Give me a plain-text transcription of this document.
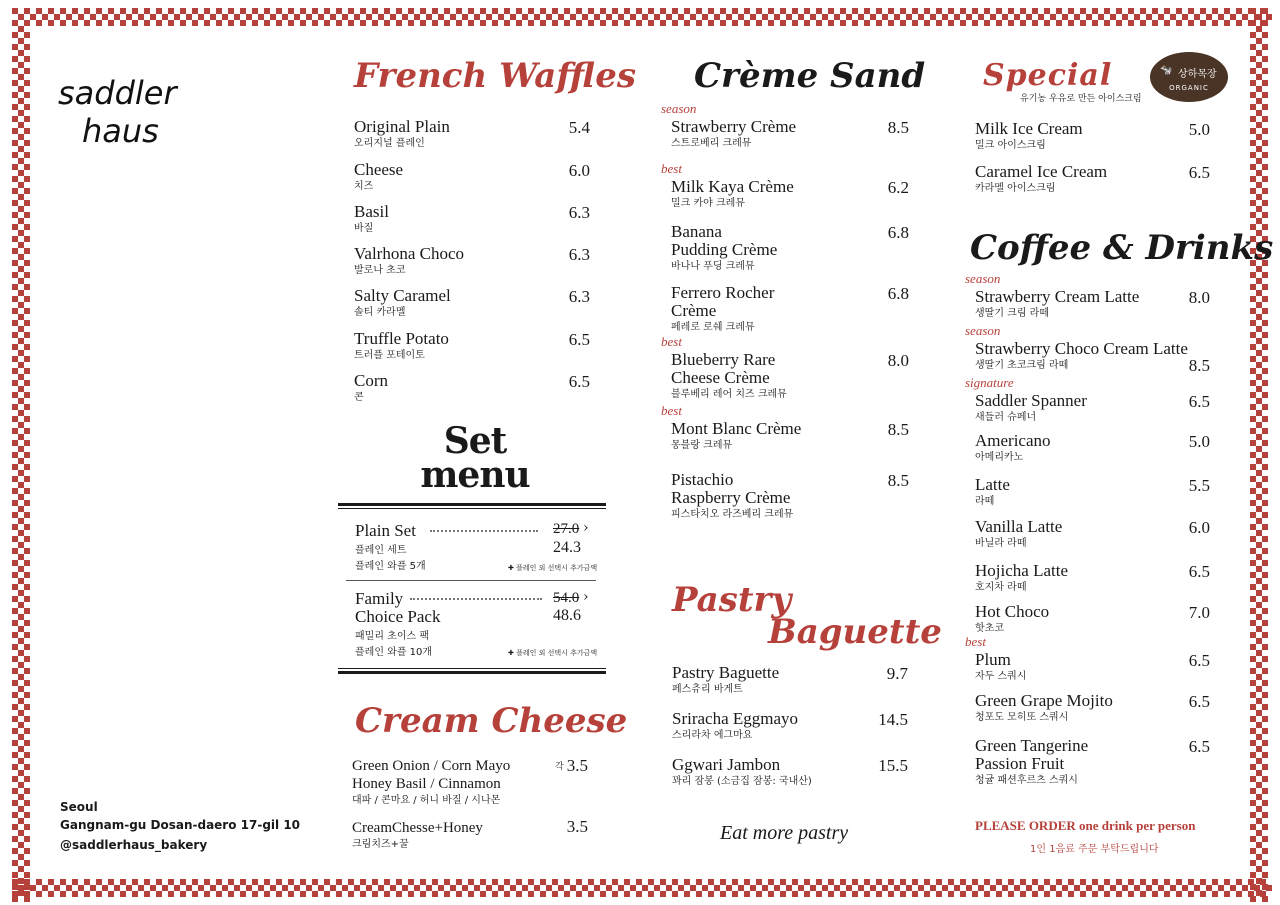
saddler
haus
Seoul
Gangnam-gu Dosan-daero 17-gil 10
@saddlerhaus_bakery
French Waffles
Original Plain
오리지널 플레인
5.4
Cheese
치즈
6.0
Basil
바질
6.3
Valrhona Choco
발로나 초코
6.3
Salty Caramel
솔티 카라멜
6.3
Truffle Potato
트러플 포테이토
6.5
Corn
콘
6.5
Set
menu
Plain Set
플레인 세트
플레인 와플 5개
27.0 ›
24.3
✚ 플레인 외 선택시 추가금액
Family
Choice Pack
패밀리 초이스 팩
플레인 와플 10개
54.0 ›
48.6
✚ 플레인 외 선택시 추가금액
Cream Cheese
Green Onion / Corn Mayo
Honey Basil / Cinnamon
대파 / 콘마요 / 허니 바질 / 시나몬
각 3.5
CreamChesse+Honey
크림치즈+꿀
3.5
Crème Sand
Strawberry Crème
스트로베리 크레뮤
8.5
season
Milk Kaya Crème
밀크 카야 크레뮤
6.2
best
Banana
Pudding Crème
바나나 푸딩 크레뮤
6.8
Ferrero Rocher
Crème
페레로 로쉐 크레뮤
6.8
Blueberry Rare
Cheese Crème
블루베리 레어 치즈 크레뮤
8.0
best
Mont Blanc Crème
몽블랑 크레뮤
8.5
best
Pistachio
Raspberry Crème
피스타치오 라즈베리 크레뮤
8.5
Pastry
Baguette
Pastry Baguette
페스츄리 바게트
9.7
Sriracha Eggmayo
스리라차 에그마요
14.5
Ggwari Jambon
꽈리 잠봉 (소금집 잠봉: 국내산)
15.5
Eat more pastry
Special
유기농 우유로 만든 아이스크림
🐄 상하목장
ORGANIC
Milk Ice Cream
밀크 아이스크림
5.0
Caramel Ice Cream
카라멜 아이스크림
6.5
Coffee & Drinks
Strawberry Cream Latte
생딸기 크림 라떼
8.0
season
Strawberry Choco Cream Latte
생딸기 초코크림 라떼	8.5
season
Saddler Spanner
새들러 슈페너
6.5
signature
Americano
아메리카노
5.0
Latte
라떼
5.5
Vanilla Latte
바닐라 라떼
6.0
Hojicha Latte
호지차 라떼
6.5
Hot Choco
핫초코
7.0
Plum
자두 스쿼시
6.5
best
Green Grape Mojito
청포도 모히또 스쿼시
6.5
Green Tangerine
Passion Fruit
청귤 패션후르츠 스쿼시
6.5
PLEASE ORDER one drink per person
1인 1음료 주문 부탁드립니다
